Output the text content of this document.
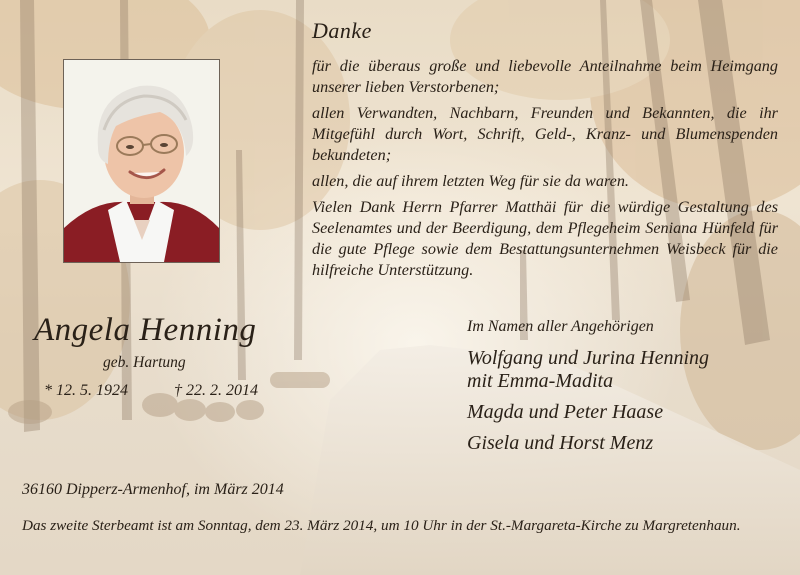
Danke

für die überaus große und liebevolle Anteilnahme beim Heimgang unserer lieben Verstorbenen;

allen Verwandten, Nachbarn, Freunden und Bekannten, die ihr Mitgefühl durch Wort, Schrift, Geld-, Kranz- und Blumenspenden bekundeten;

allen, die auf ihrem letzten Weg für sie da waren.

Vielen Dank Herrn Pfarrer Matthäi für die würdige Gestaltung des Seelenamtes und der Beerdigung, dem Pflegeheim Seniana Hünfeld für die gute Pflege sowie dem Bestattungsunternehmen Weisbeck für die hilfreiche Unterstützung.

Angela Henning
geb. Hartung
* 12. 5. 1924	† 22. 2. 2014
Im Namen aller Angehörigen
Wolfgang und Jurina Henning
mit Emma-Madita
Magda und Peter Haase
Gisela und Horst Menz
36160 Dipperz-Armenhof, im März 2014
Das zweite Sterbeamt ist am Sonntag, dem 23. März 2014, um 10 Uhr in der St.-Margareta-Kirche zu Margretenhaun.
